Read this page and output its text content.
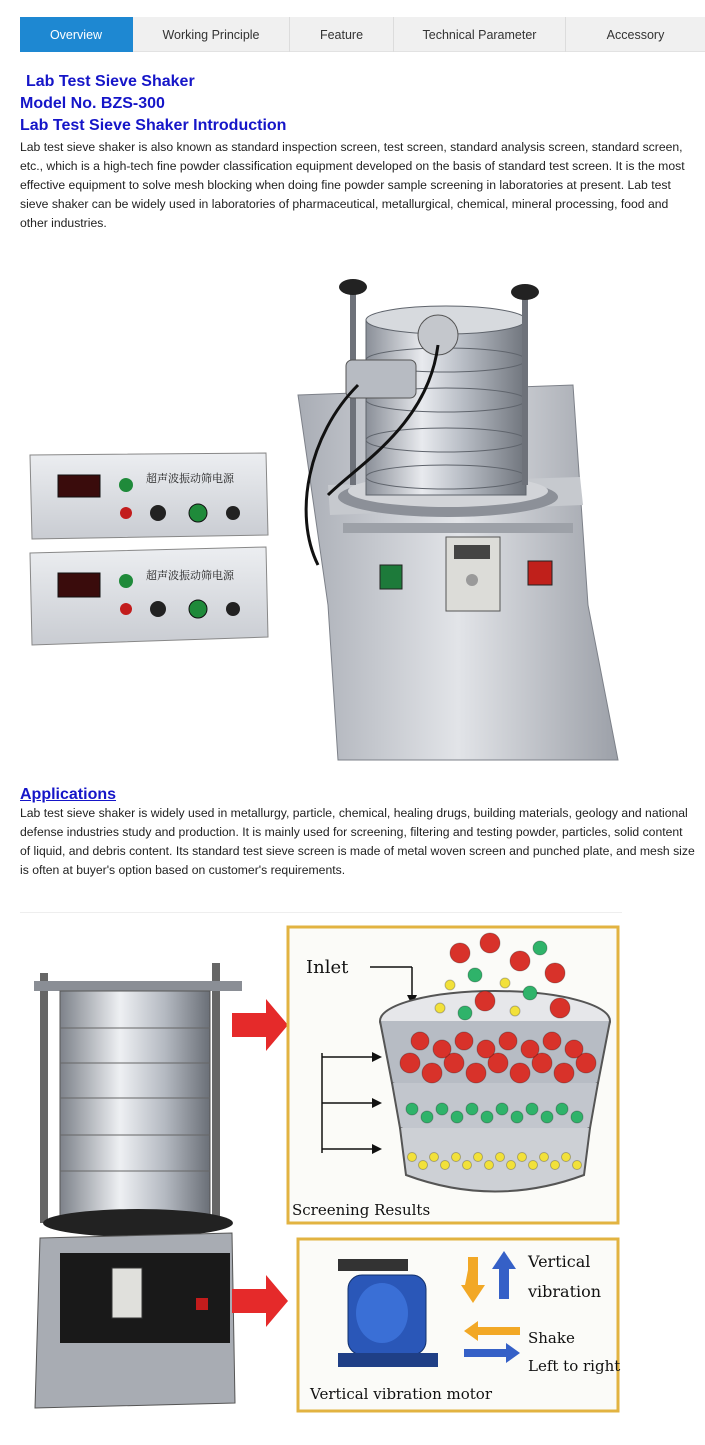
Overview	Working Principle	Feature	Technical Parameter	Accessory
Lab Test Sieve Shaker
Model No. BZS-300
Lab Test Sieve Shaker Introduction

Lab test sieve shaker is also known as standard inspection screen, test screen, standard analysis screen, standard screen, etc., which is a high-tech fine powder classification equipment developed on the basis of standard test screen. It is the most effective equipment to solve mesh blocking when doing fine powder sample screening in laboratories at present. Lab test sieve shaker can be widely used in laboratories of pharmaceutical, metallurgical, chemical, mineral processing, food and other industries.

超声波振动筛电源
超声波振动筛电源
Applications

Lab test sieve shaker is widely used in metallurgy, particle, chemical, healing drugs, building materials, geology and national defense industries study and production. It is mainly used for screening, filtering and testing powder, particles, solid content of liquid, and debris content. Its standard test sieve screen is made of metal woven screen and punched plate, and mesh size is often at buyer's option based on customer's requirements.

Inlet
Screening Results
Vertical
vibration
Shake
Left to right
Vertical vibration motor
